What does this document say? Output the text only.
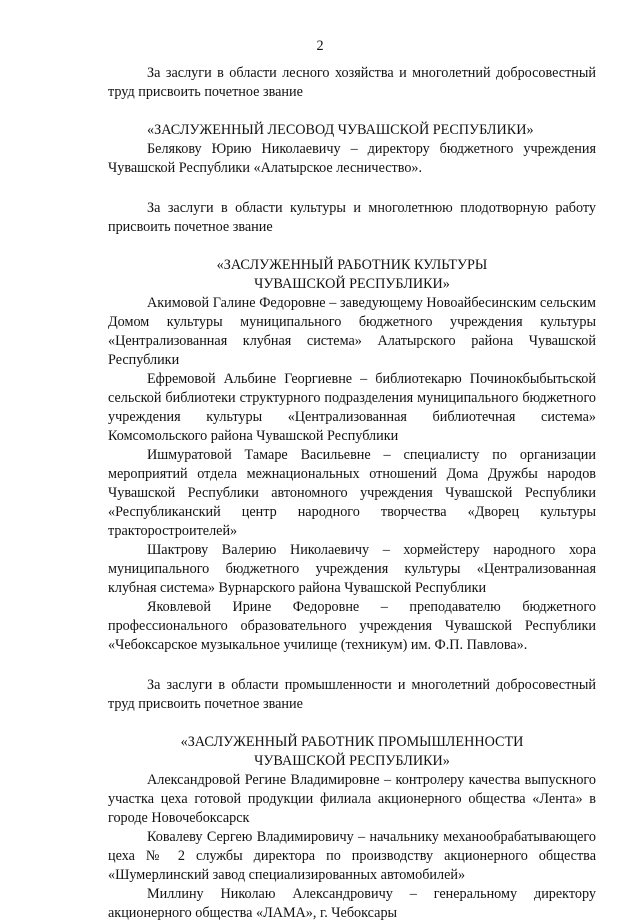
2

За заслуги в области лесного хозяйства и многолетний добросовестный труд присвоить почетное звание

«ЗАСЛУЖЕННЫЙ ЛЕСОВОД ЧУВАШСКОЙ РЕСПУБЛИКИ»

Белякову Юрию Николаевичу – директору бюджетного учреждения Чувашской Республики «Алатырское лесничество».

За заслуги в области культуры и многолетнюю плодотворную работу присвоить почетное звание

«ЗАСЛУЖЕННЫЙ РАБОТНИК КУЛЬТУРЫ

ЧУВАШСКОЙ РЕСПУБЛИКИ»

Акимовой Галине Федоровне – заведующему Новоайбесинским сельским Домом культуры муниципального бюджетного учреждения культуры «Централизованная клубная система» Алатырского района Чувашской Республики

Ефремовой Альбине Георгиевне – библиотекарю Починокбыбытьской сельской библиотеки структурного подразделения муниципального бюджетного учреждения культуры «Централизованная библиотечная система» Комсомольского района Чувашской Республики

Ишмуратовой Тамаре Васильевне – специалисту по организации мероприятий отдела межнациональных отношений Дома Дружбы народов Чувашской Республики автономного учреждения Чувашской Республики «Республиканский центр народного творчества «Дворец культуры тракторостроителей»

Шактрову Валерию Николаевичу – хормейстеру народного хора муниципального бюджетного учреждения культуры «Централизованная клубная система» Вурнарского района Чувашской Республики

Яковлевой Ирине Федоровне – преподавателю бюджетного профессионального образовательного учреждения Чувашской Республики «Чебоксарское музыкальное училище (техникум) им. Ф.П. Павлова».

За заслуги в области промышленности и многолетний добросовестный труд присвоить почетное звание

«ЗАСЛУЖЕННЫЙ РАБОТНИК ПРОМЫШЛЕННОСТИ

ЧУВАШСКОЙ РЕСПУБЛИКИ»

Александровой Регине Владимировне – контролеру качества выпускного участка цеха готовой продукции филиала акционерного общества «Лента» в городе Новочебоксарск

Ковалеву Сергею Владимировичу – начальнику механообрабатывающего цеха № 2 службы директора по производству акционерного общества «Шумерлинский завод специализированных автомобилей»

Миллину Николаю Александровичу – генеральному директору акционерного общества «ЛАМА», г. Чебоксары
